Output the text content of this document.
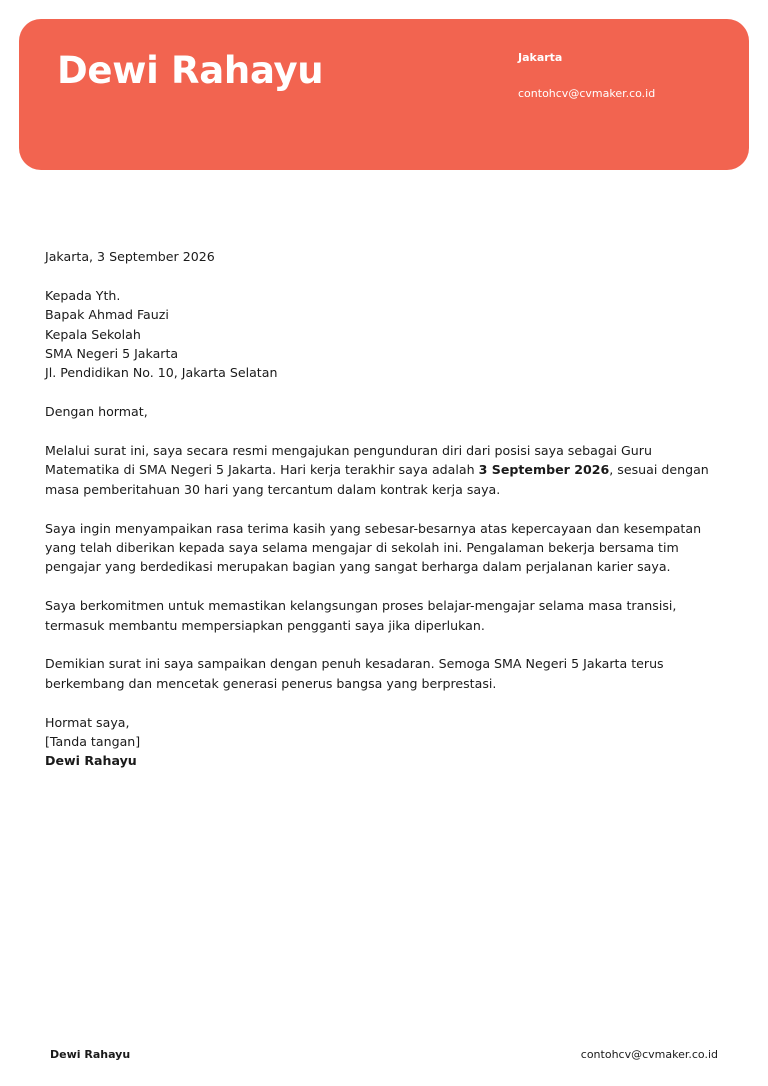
Dewi Rahayu	Jakarta
contohcv@cvmaker.co.id

Jakarta, 3 September 2026

Kepada Yth.

Bapak Ahmad Fauzi

Kepala Sekolah

SMA Negeri 5 Jakarta

Jl. Pendidikan No. 10, Jakarta Selatan

Dengan hormat,

Melalui surat ini, saya secara resmi mengajukan pengunduran diri dari posisi saya sebagai Guru Matematika di SMA Negeri 5 Jakarta. Hari kerja terakhir saya adalah 3 September 2026, sesuai dengan masa pemberitahuan 30 hari yang tercantum dalam kontrak kerja saya.

Saya ingin menyampaikan rasa terima kasih yang sebesar-besarnya atas kepercayaan dan kesempatan yang telah diberikan kepada saya selama mengajar di sekolah ini. Pengalaman bekerja bersama tim pengajar yang berdedikasi merupakan bagian yang sangat berharga dalam perjalanan karier saya.

Saya berkomitmen untuk memastikan kelangsungan proses belajar-mengajar selama masa transisi, termasuk membantu mempersiapkan pengganti saya jika diperlukan.

Demikian surat ini saya sampaikan dengan penuh kesadaran. Semoga SMA Negeri 5 Jakarta terus berkembang dan mencetak generasi penerus bangsa yang berprestasi.

Hormat saya,

[Tanda tangan]

Dewi Rahayu

Dewi Rahayu	contohcv@cvmaker.co.id
